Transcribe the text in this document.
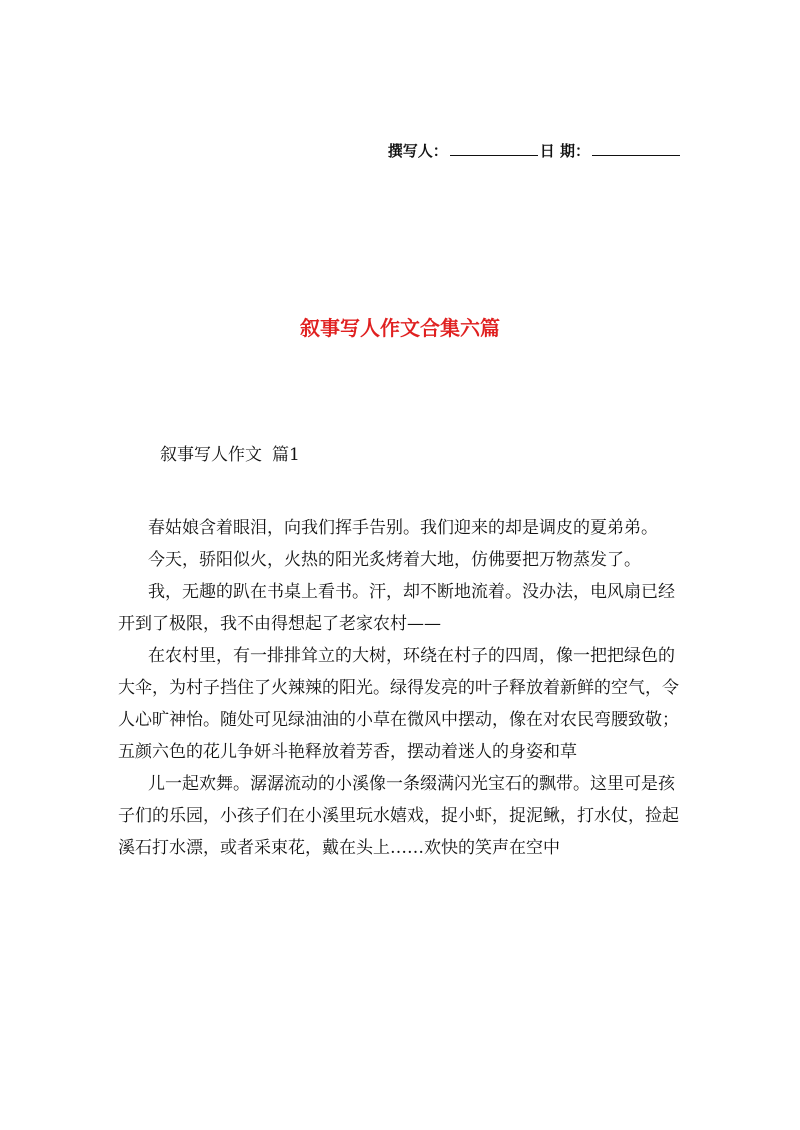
撰写人：	日 期：
叙事写人作文合集六篇
叙事写人作文 篇1

春姑娘含着眼泪，向我们挥手告别。我们迎来的却是调皮的夏弟弟。

今天，骄阳似火，火热的阳光炙烤着大地，仿佛要把万物蒸发了。

我，无趣的趴在书桌上看书。汗，却不断地流着。没办法，电风扇已经开到了极限，我不由得想起了老家农村——

在农村里，有一排排耸立的大树，环绕在村子的四周，像一把把绿色的大伞，为村子挡住了火辣辣的阳光。绿得发亮的叶子释放着新鲜的空气，令人心旷神怡。随处可见绿油油的小草在微风中摆动，像在对农民弯腰致敬；五颜六色的花儿争妍斗艳释放着芳香，摆动着迷人的身姿和草

儿一起欢舞。潺潺流动的小溪像一条缀满闪光宝石的飘带。这里可是孩子们的乐园，小孩子们在小溪里玩水嬉戏，捉小虾，捉泥鳅，打水仗，捡起溪石打水漂，或者采束花，戴在头上……欢快的笑声在空中
